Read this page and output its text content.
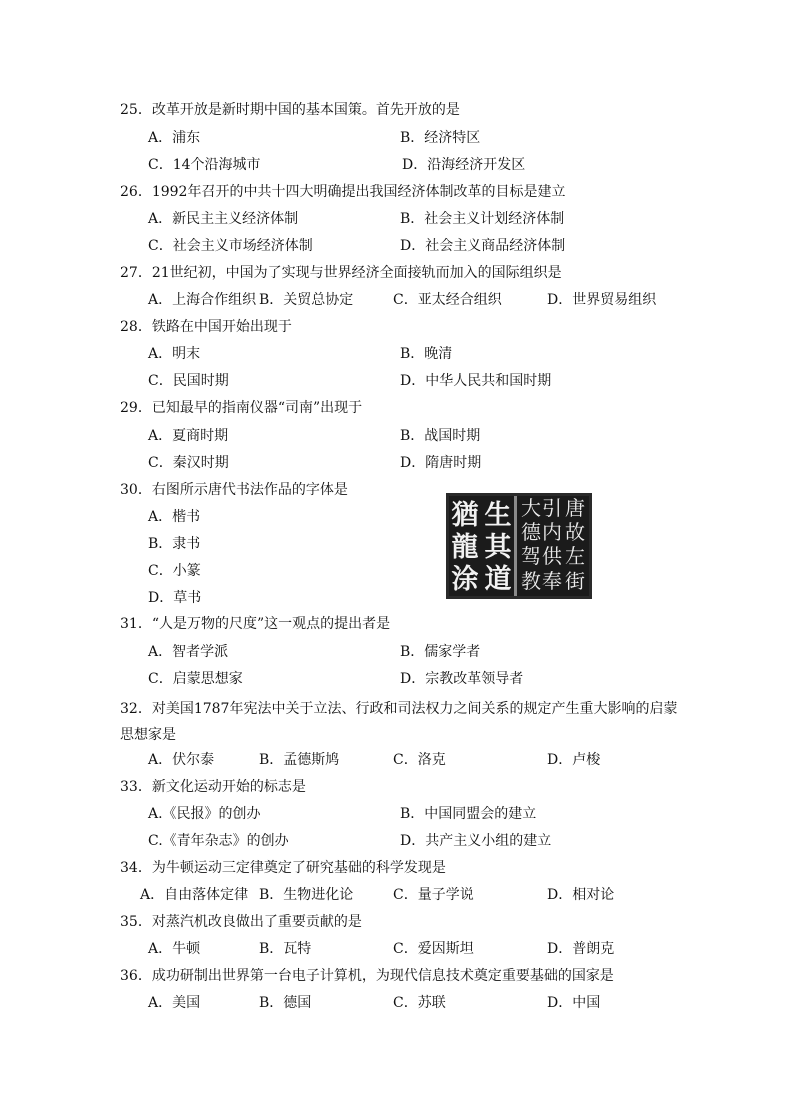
25．改革开放是新时期中国的基本国策。首先开放的是
A．浦东	B．经济特区
C．14个沿海城市	D．沿海经济开发区
26．1992年召开的中共十四大明确提出我国经济体制改革的目标是建立
A．新民主主义经济体制	B．社会主义计划经济体制
C．社会主义市场经济体制	D．社会主义商品经济体制
27．21世纪初，中国为了实现与世界经济全面接轨而加入的国际组织是
A．上海合作组织 B．关贸总协定	C．亚太经合组织	D．世界贸易组织
28．铁路在中国开始出现于
A．明末	B．晚清
C．民国时期	D．中华人民共和国时期
29．已知最早的指南仪器“司南”出现于
A．夏商时期	B．战国时期
C．秦汉时期	D．隋唐时期
30．右图所示唐代书法作品的字体是
A．楷书
B．隶书
C．小篆
D．草书
生
其
道
猶
龍
涂
唐
故
左
街
引
内
供
奉
大
德
驾
教
31．“人是万物的尺度”这一观点的提出者是
A．智者学派	B．儒家学者
C．启蒙思想家	D．宗教改革领导者
32．对美国1787年宪法中关于立法、行政和司法权力之间关系的规定产生重大影响的启蒙思想家是
A．伏尔泰	B．孟德斯鸠	C．洛克	D．卢梭
33．新文化运动开始的标志是
A.《民报》的创办	B．中国同盟会的建立
C.《青年杂志》的创办	D．共产主义小组的建立
34．为牛顿运动三定律奠定了研究基础的科学发现是
A．自由落体定律 B．生物进化论	C．量子学说	D．相对论
35．对蒸汽机改良做出了重要贡献的是
A．牛顿	B．瓦特	C．爱因斯坦	D．普朗克
36．成功研制出世界第一台电子计算机，为现代信息技术奠定重要基础的国家是
A．美国	B．德国	C．苏联	D．中国
